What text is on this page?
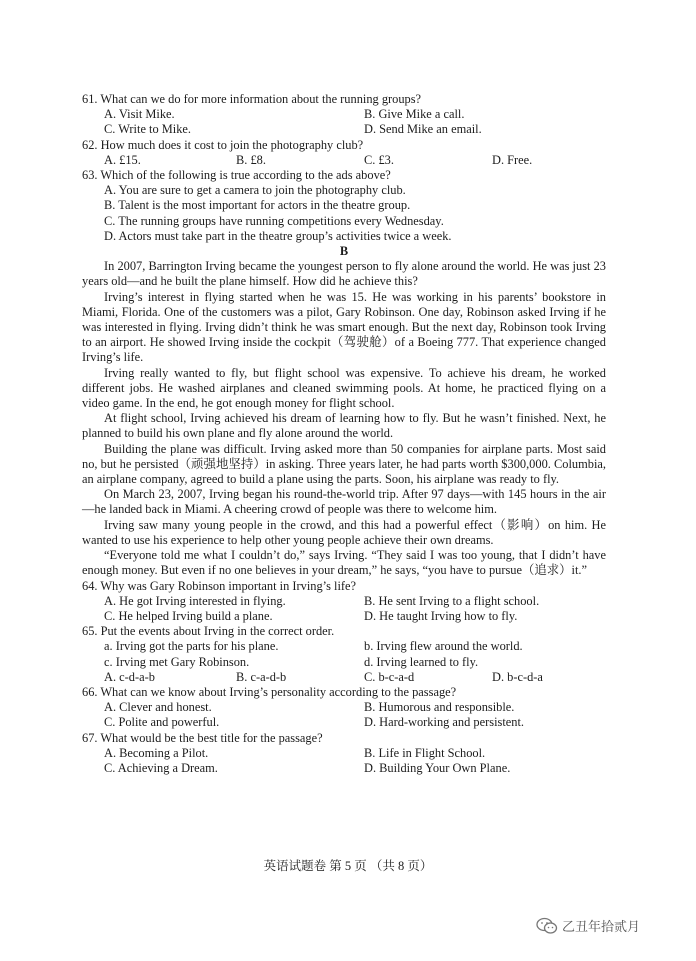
61. What can we do for more information about the running groups?
A. Visit Mike.	B. Give Mike a call.
C. Write to Mike.	D. Send Mike an email.
62. How much does it cost to join the photography club?
A. £15.	B. £8.	C. £3.	D. Free.
63. Which of the following is true according to the ads above?
A. You are sure to get a camera to join the photography club.
B. Talent is the most important for actors in the theatre group.
C. The running groups have running competitions every Wednesday.
D. Actors must take part in the theatre group’s activities twice a week.
B
In 2007, Barrington Irving became the youngest person to fly alone around the world. He was just 23 years old—and he built the plane himself. How did he achieve this?
Irving’s interest in flying started when he was 15. He was working in his parents’ bookstore in Miami, Florida. One of the customers was a pilot, Gary Robinson. One day, Robinson asked Irving if he was interested in flying. Irving didn’t think he was smart enough. But the next day, Robinson took Irving to an airport. He showed Irving inside the cockpit（驾驶舱）of a Boeing 777. That experience changed Irving’s life.
Irving really wanted to fly, but flight school was expensive. To achieve his dream, he worked different jobs. He washed airplanes and cleaned swimming pools. At home, he practiced flying on a video game. In the end, he got enough money for flight school.
At flight school, Irving achieved his dream of learning how to fly. But he wasn’t finished. Next, he planned to build his own plane and fly alone around the world.
Building the plane was difficult. Irving asked more than 50 companies for airplane parts. Most said no, but he persisted（顽强地坚持）in asking. Three years later, he had parts worth $300,000. Columbia, an airplane company, agreed to build a plane using the parts. Soon, his airplane was ready to fly.
On March 23, 2007, Irving began his round-the-world trip. After 97 days—with 145 hours in the air—he landed back in Miami. A cheering crowd of people was there to welcome him.
Irving saw many young people in the crowd, and this had a powerful effect（影响）on him. He wanted to use his experience to help other young people achieve their own dreams.
“Everyone told me what I couldn’t do,” says Irving. “They said I was too young, that I didn’t have enough money. But even if no one believes in your dream,” he says, “you have to pursue（追求）it.”
64. Why was Gary Robinson important in Irving’s life?
A. He got Irving interested in flying.	B. He sent Irving to a flight school.
C. He helped Irving build a plane.	D. He taught Irving how to fly.
65. Put the events about Irving in the correct order.
a. Irving got the parts for his plane.	b. Irving flew around the world.
c. Irving met Gary Robinson.	d. Irving learned to fly.
A. c-d-a-b	B. c-a-d-b	C. b-c-a-d	D. b-c-d-a
66. What can we know about Irving’s personality according to the passage?
A. Clever and honest.	B. Humorous and responsible.
C. Polite and powerful.	D. Hard-working and persistent.
67. What would be the best title for the passage?
A. Becoming a Pilot.	B. Life in Flight School.
C. Achieving a Dream.	D. Building Your Own Plane.
英语试题卷 第 5 页 （共 8 页）
乙丑年拾贰月
